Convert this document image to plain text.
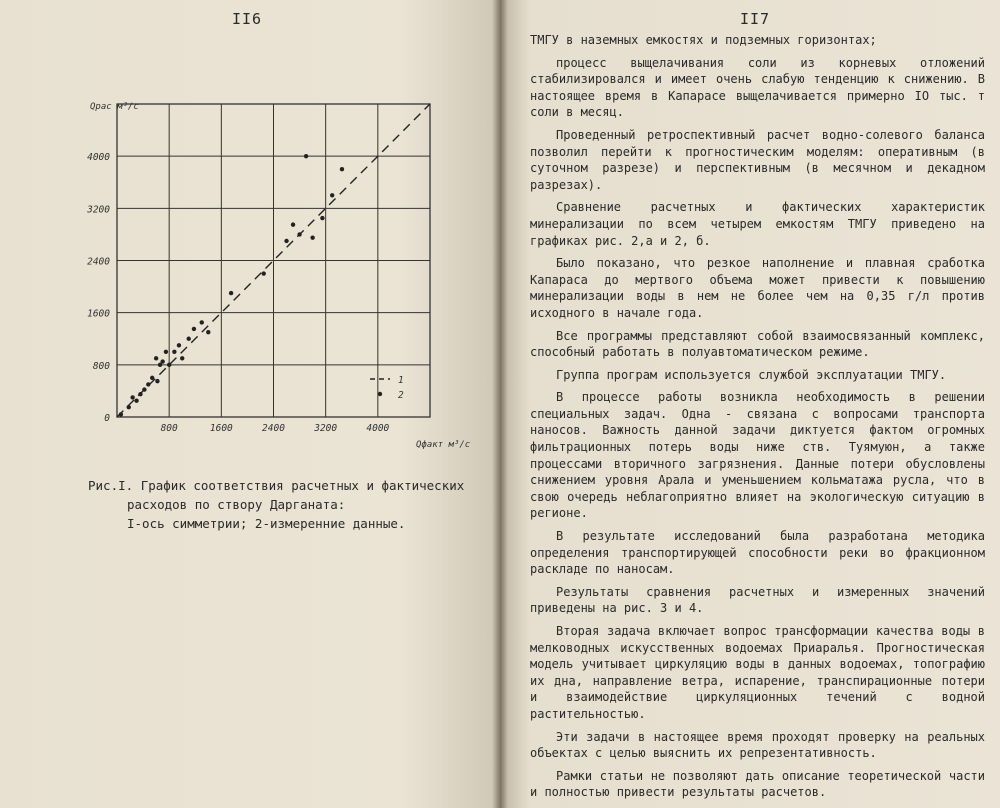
II6
0
800
1600
2400
3200
4000
800	1600	2400	3200	4000
Qрас м³/с
Qфакт м³/с
1
2
Рис.I. График соответствия расчетных и фактических
расходов по створу Дарганата:
I-ось симметрии; 2-измеренние данные.
II7

ТМГУ в наземных емкостях и подземных горизонтах;

процесс выщелачивания соли из корневых отложений стабилизировался и имеет очень слабую тенденцию к снижению. В настоящее время в Капарасе выщелачивается примерно IO тыс. т соли в месяц.

Проведенный ретроспективный расчет водно-солевого баланса позволил перейти к прогностическим моделям: оперативным (в суточном разрезе) и перспективным (в месячном и декадном разрезах).

Сравнение расчетных и фактических характеристик минерализации по всем четырем емкостям ТМГУ приведено на графиках рис. 2,а и 2, б.

Было показано, что резкое наполнение и плавная сработка Капараса до мертвого объема может привести к повышению минерализации воды в нем не более чем на 0,35 г/л против исходного в начале года.

Все программы представляют собой взаимосвязанный комплекс, способный работать в полуавтоматическом режиме.

Группа програм используется службой эксплуатации ТМГУ.

В процессе работы возникла необходимость в решении специальных задач. Одна - связана с вопросами транспорта наносов. Важность данной задачи диктуется фактом огромных фильтрационных потерь воды ниже ств. Туямуюн, а также процессами вторичного загрязнения. Данные потери обусловлены снижением уровня Арала и уменьшением кольматажа русла, что в свою очередь неблагоприятно влияет на экологическую ситуацию в регионе.

В результате исследований была разработана методика определения транспортирующей способности реки во фракционном раскладе по наносам.

Результаты сравнения расчетных и измеренных значений приведены на рис. 3 и 4.

Вторая задача включает вопрос трансформации качества воды в мелководных искусственных водоемах Приаралья. Прогностическая модель учитывает циркуляцию воды в данных водоемах, топографию их дна, направление ветра, испарение, транспирационные потери и взаимодействие циркуляционных течений с водной растительностью.

Эти задачи в настоящее время проходят проверку на реальных объектах с целью выяснить их репрезентативность.

Рамки статьи не позволяют дать описание теоретической части и полностью привести результаты расчетов.
